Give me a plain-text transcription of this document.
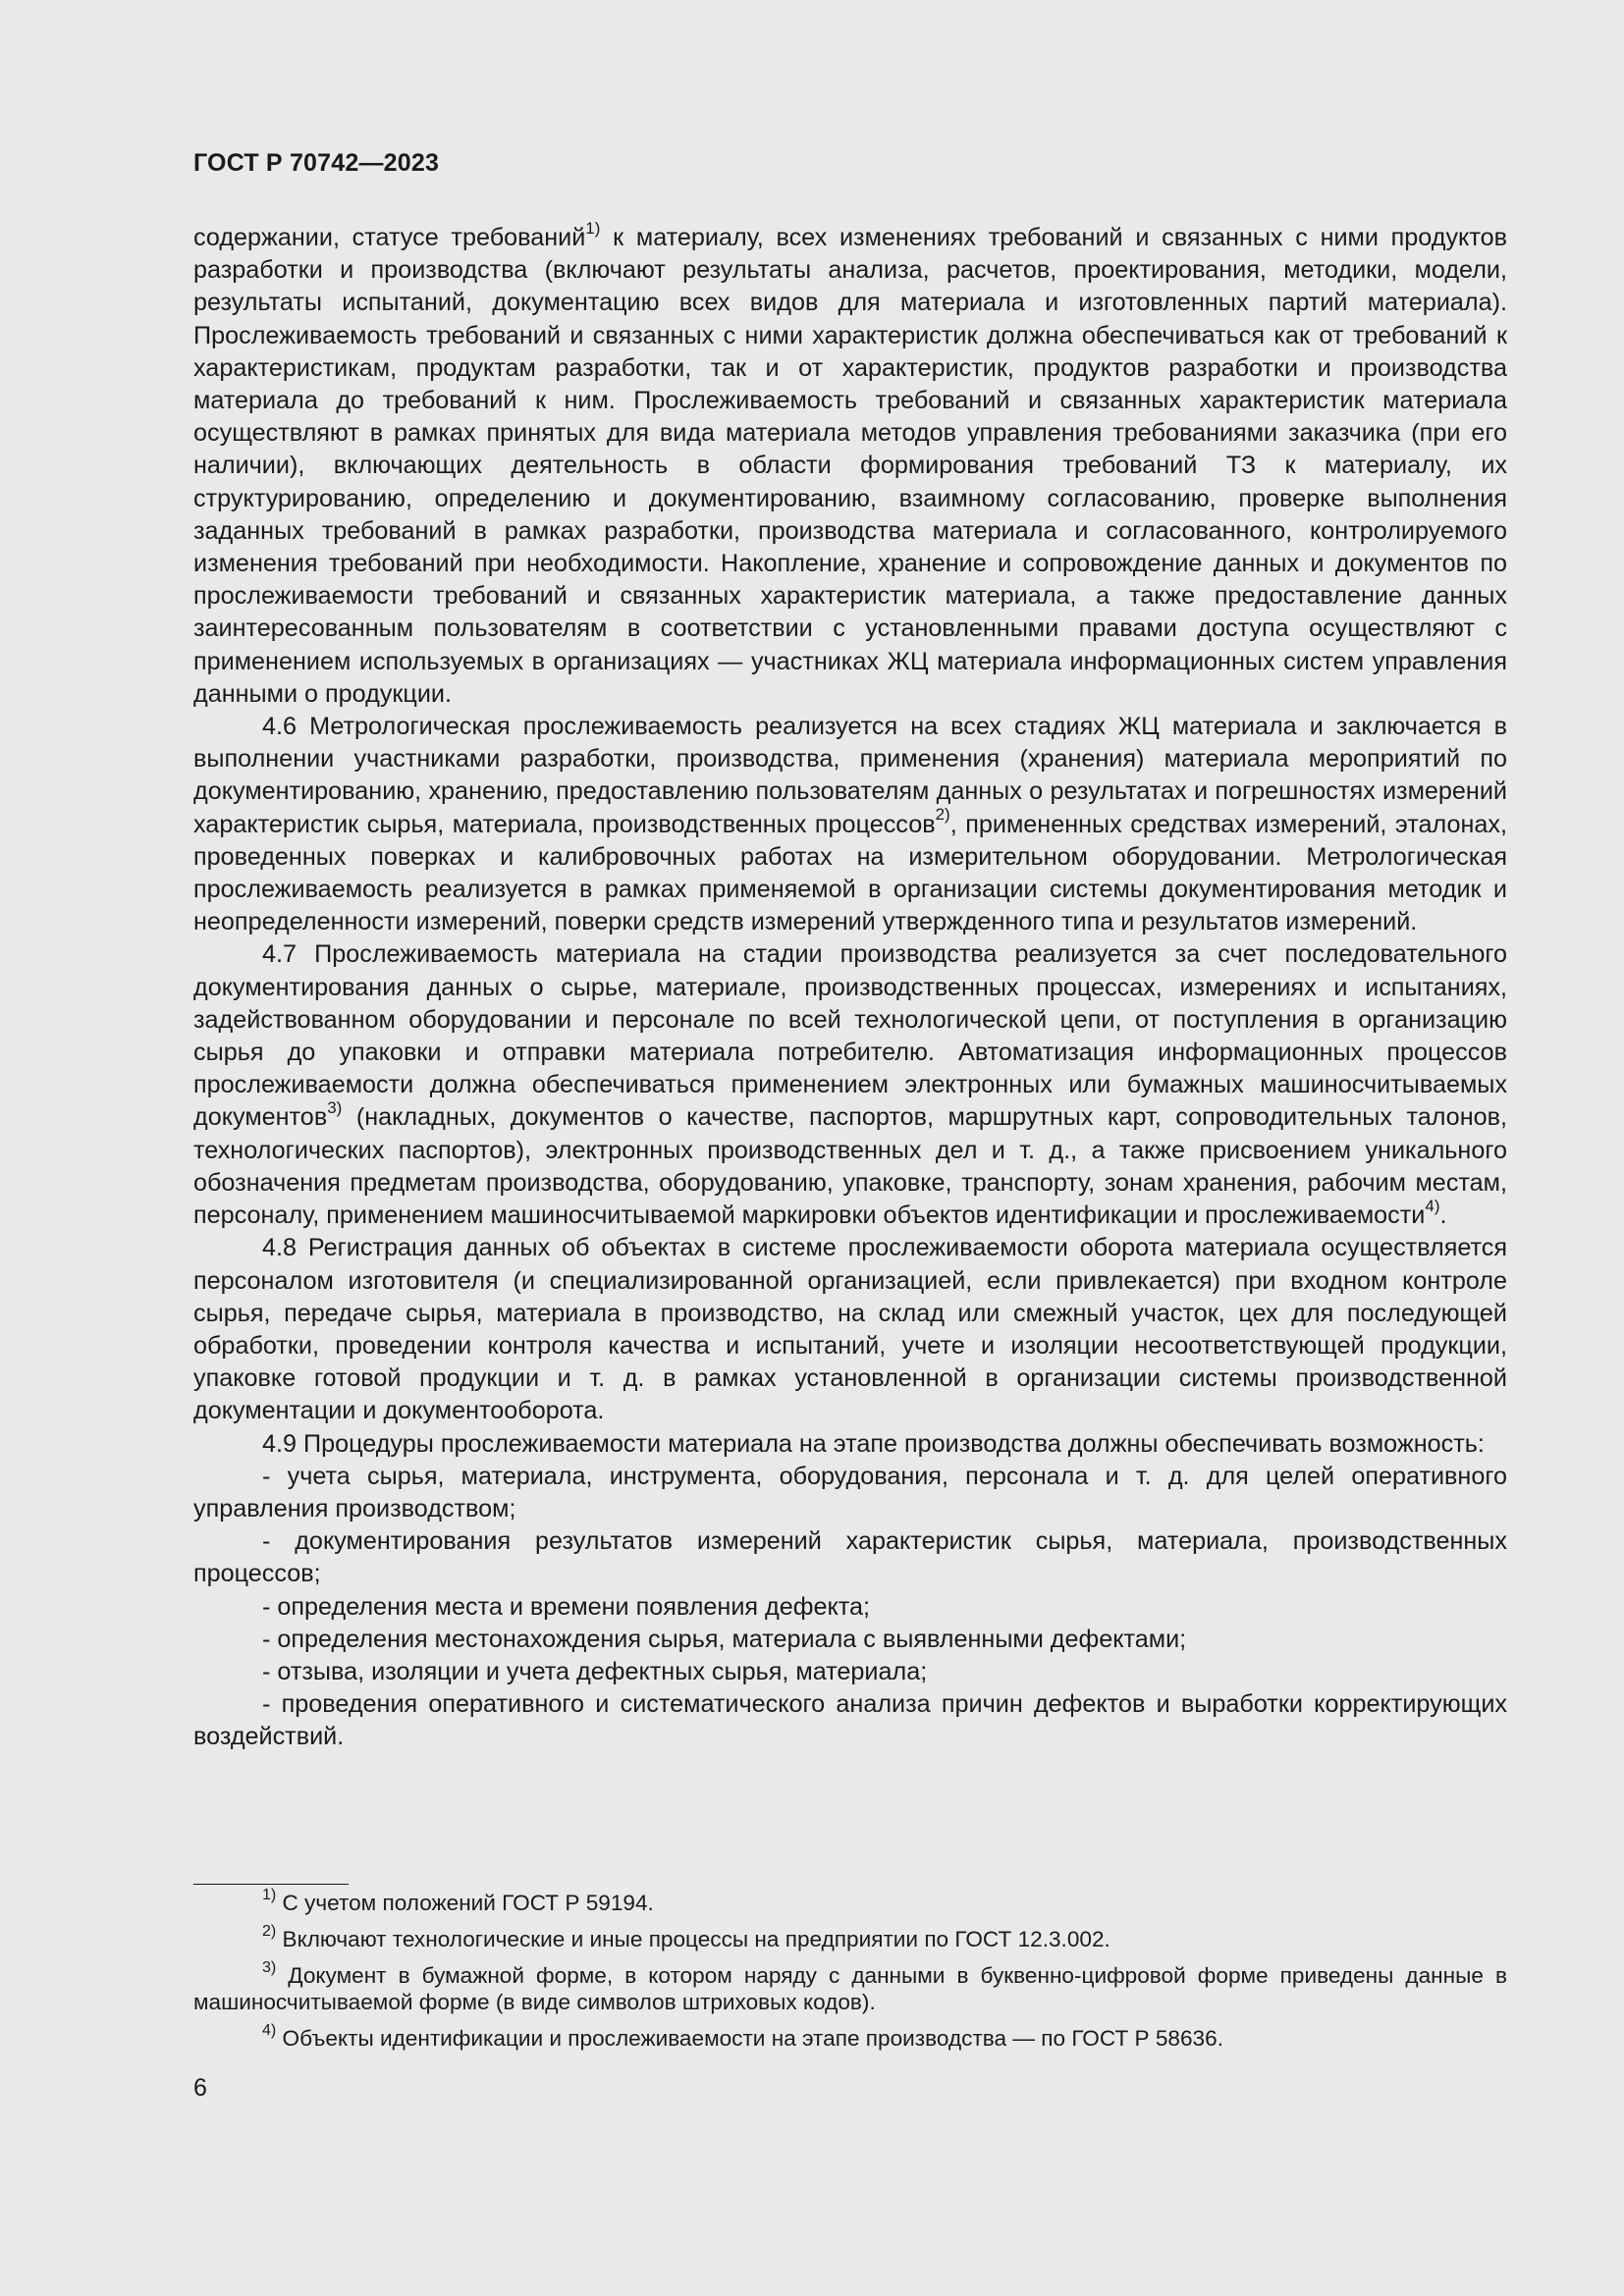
ГОСТ Р 70742—2023

содержании, статусе требований$^{1)}$ к материалу, всех изменениях требований и связанных с ними продуктов разработки и производства (включают результаты анализа, расчетов, проектирования, методики, модели, результаты испытаний, документацию всех видов для материала и изготовленных партий материала). Прослеживаемость требований и связанных с ними характеристик должна обеспечиваться как от требований к характеристикам, продуктам разработки, так и от характеристик, продуктов разработки и производства материала до требований к ним. Прослеживаемость требований и связанных характеристик материала осуществляют в рамках принятых для вида материала методов управления требованиями заказчика (при его наличии), включающих деятельность в области формирования требований ТЗ к материалу, их структурированию, определению и документированию, взаимному согласованию, проверке выполнения заданных требований в рамках разработки, производства материала и согласованного, контролируемого изменения требований при необходимости. Накопление, хранение и сопровождение данных и документов по прослеживаемости требований и связанных характеристик материала, а также предоставление данных заинтересованным пользователям в соответствии с установленными правами доступа осуществляют с применением используемых в организациях — участниках ЖЦ материала информационных систем управления данными о продукции.

4.6 Метрологическая прослеживаемость реализуется на всех стадиях ЖЦ материала и заключается в выполнении участниками разработки, производства, применения (хранения) материала мероприятий по документированию, хранению, предоставлению пользователям данных о результатах и погрешностях измерений характеристик сырья, материала, производственных процессов$^{2)}$, примененных средствах измерений, эталонах, проведенных поверках и калибровочных работах на измерительном оборудовании. Метрологическая прослеживаемость реализуется в рамках применяемой в организации системы документирования методик и неопределенности измерений, поверки средств измерений утвержденного типа и результатов измерений.

4.7 Прослеживаемость материала на стадии производства реализуется за счет последовательного документирования данных о сырье, материале, производственных процессах, измерениях и испытаниях, задействованном оборудовании и персонале по всей технологической цепи, от поступления в организацию сырья до упаковки и отправки материала потребителю. Автоматизация информационных процессов прослеживаемости должна обеспечиваться применением электронных или бумажных машиносчитываемых документов$^{3)}$ (накладных, документов о качестве, паспортов, маршрутных карт, сопроводительных талонов, технологических паспортов), электронных производственных дел и т. д., а также присвоением уникального обозначения предметам производства, оборудованию, упаковке, транспорту, зонам хранения, рабочим местам, персоналу, применением машиносчитываемой маркировки объектов идентификации и прослеживаемости$^{4)}$.

4.8 Регистрация данных об объектах в системе прослеживаемости оборота материала осуществляется персоналом изготовителя (и специализированной организацией, если привлекается) при входном контроле сырья, передаче сырья, материала в производство, на склад или смежный участок, цех для последующей обработки, проведении контроля качества и испытаний, учете и изоляции несоответствующей продукции, упаковке готовой продукции и т. д. в рамках установленной в организации системы производственной документации и документооборота.

4.9 Процедуры прослеживаемости материала на этапе производства должны обеспечивать возможность:

- учета сырья, материала, инструмента, оборудования, персонала и т. д. для целей оперативного управления производством;

- документирования результатов измерений характеристик сырья, материала, производственных процессов;

- определения места и времени появления дефекта;

- определения местонахождения сырья, материала с выявленными дефектами;

- отзыва, изоляции и учета дефектных сырья, материала;

- проведения оперативного и систематического анализа причин дефектов и выработки корректирующих воздействий.

$^{1)}$ С учетом положений ГОСТ Р 59194.

$^{2)}$ Включают технологические и иные процессы на предприятии по ГОСТ 12.3.002.

$^{3)}$ Документ в бумажной форме, в котором наряду с данными в буквенно-цифровой форме приведены данные в машиносчитываемой форме (в виде символов штриховых кодов).

$^{4)}$ Объекты идентификации и прослеживаемости на этапе производства — по ГОСТ Р 58636.

6
